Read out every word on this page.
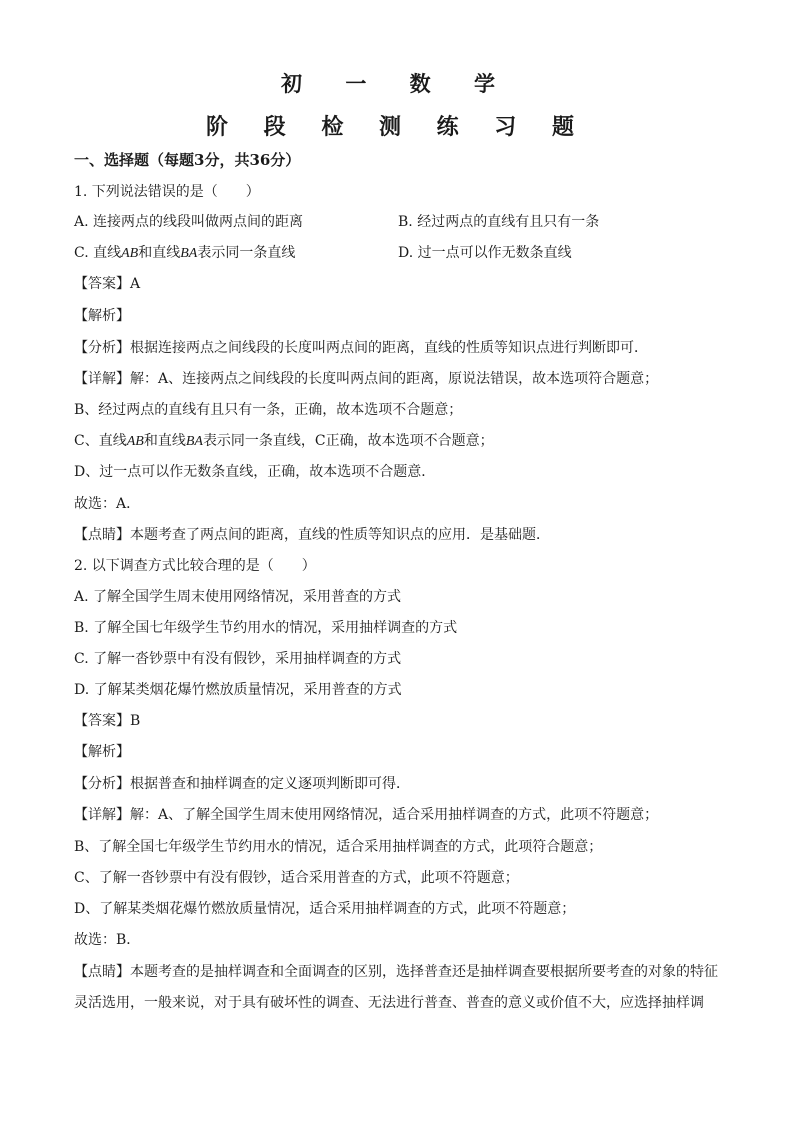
初 一 数 学
阶 段 检 测 练 习 题
一、选择题（每题3分，共36分）
1. 下列说法错误的是（　　）
A. 连接两点的线段叫做两点间的距离	B. 经过两点的直线有且只有一条
C. 直线AB和直线BA表示同一条直线	D. 过一点可以作无数条直线
【答案】A
【解析】
【分析】根据连接两点之间线段的长度叫两点间的距离，直线的性质等知识点进行判断即可．
【详解】解：A、连接两点之间线段的长度叫两点间的距离，原说法错误，故本选项符合题意；
B、经过两点的直线有且只有一条，正确，故本选项不合题意；
C、直线AB和直线BA表示同一条直线，C正确，故本选项不合题意；
D、过一点可以作无数条直线，正确，故本选项不合题意．
故选：A．
【点睛】本题考查了两点间的距离，直线的性质等知识点的应用．是基础题．
2. 以下调查方式比较合理的是（　　）
A. 了解全国学生周末使用网络情况，采用普查的方式
B. 了解全国七年级学生节约用水的情况，采用抽样调查的方式
C. 了解一沓钞票中有没有假钞，采用抽样调查的方式
D. 了解某类烟花爆竹燃放质量情况，采用普查的方式
【答案】B
【解析】
【分析】根据普查和抽样调查的定义逐项判断即可得．
【详解】解：A、了解全国学生周末使用网络情况，适合采用抽样调查的方式，此项不符题意；
B、了解全国七年级学生节约用水的情况，适合采用抽样调查的方式，此项符合题意；
C、了解一沓钞票中有没有假钞，适合采用普查的方式，此项不符题意；
D、了解某类烟花爆竹燃放质量情况，适合采用抽样调查的方式，此项不符题意；
故选：B．
【点睛】本题考查的是抽样调查和全面调查的区别，选择普查还是抽样调查要根据所要考查的对象的特征
灵活选用，一般来说，对于具有破坏性的调查、无法进行普查、普查的意义或价值不大，应选择抽样调
